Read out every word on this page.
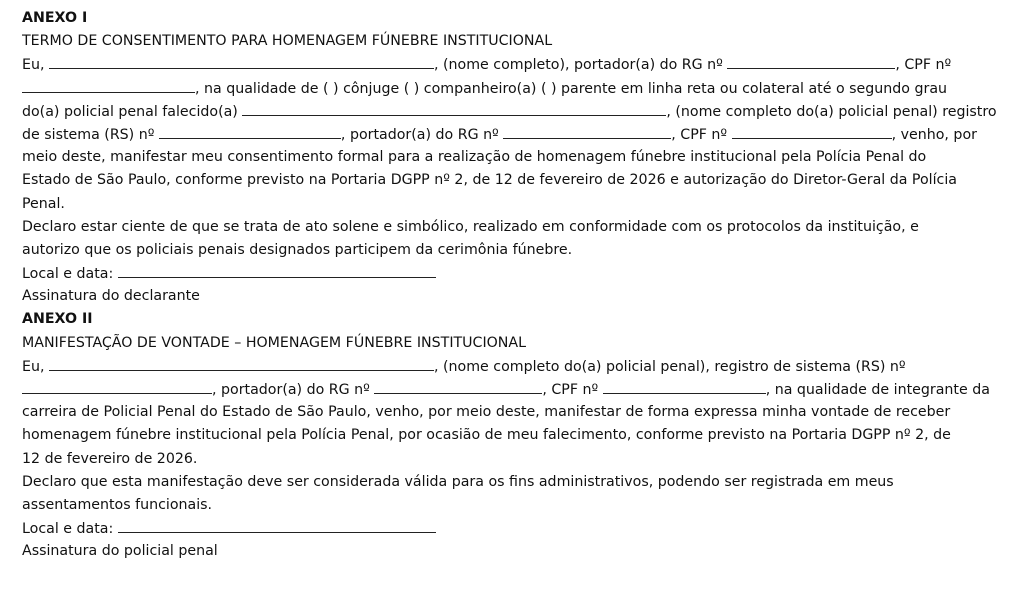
ANEXO I
TERMO DE CONSENTIMENTO PARA HOMENAGEM FÚNEBRE INSTITUCIONAL
Eu,	, (nome completo), portador(a) do RG nº	, CPF nº
, na qualidade de ( ) cônjuge ( ) companheiro(a) ( ) parente em linha reta ou colateral até o segundo grau
do(a) policial penal falecido(a)	, (nome completo do(a) policial penal) registro
de sistema (RS) nº	, portador(a) do RG nº	, CPF nº	, venho, por
meio deste, manifestar meu consentimento formal para a realização de homenagem fúnebre institucional pela Polícia Penal do
Estado de São Paulo, conforme previsto na Portaria DGPP nº 2, de 12 de fevereiro de 2026 e autorização do Diretor-Geral da Polícia
Penal.
Declaro estar ciente de que se trata de ato solene e simbólico, realizado em conformidade com os protocolos da instituição, e
autorizo que os policiais penais designados participem da cerimônia fúnebre.
Local e data:
Assinatura do declarante
ANEXO II
MANIFESTAÇÃO DE VONTADE – HOMENAGEM FÚNEBRE INSTITUCIONAL
Eu,	, (nome completo do(a) policial penal), registro de sistema (RS) nº
, portador(a) do RG nº	, CPF nº	, na qualidade de integrante da
carreira de Policial Penal do Estado de São Paulo, venho, por meio deste, manifestar de forma expressa minha vontade de receber
homenagem fúnebre institucional pela Polícia Penal, por ocasião de meu falecimento, conforme previsto na Portaria DGPP nº 2, de
12 de fevereiro de 2026.
Declaro que esta manifestação deve ser considerada válida para os fins administrativos, podendo ser registrada em meus
assentamentos funcionais.
Local e data:
Assinatura do policial penal
